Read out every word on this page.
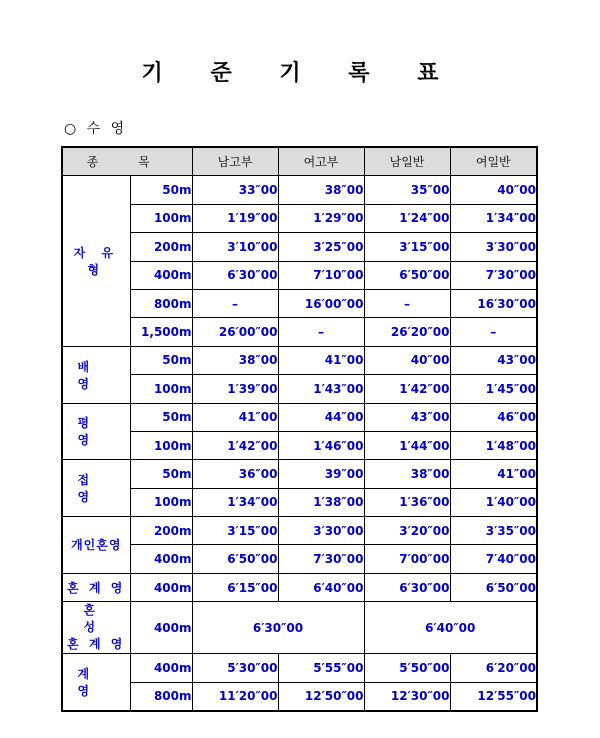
기 준 기 록 표
○ 수 영
종 목		남고부	여고부	남일반	여일반
자 유 형	50m	33″00	38″00	35″00	40″00
	100m	1′19″00	1′29″00	1′24″00	1′34″00
	200m	3′10″00	3′25″00	3′15″00	3′30″00
	400m	6′30″00	7′10″00	6′50″00	7′30″00
	800m	–	16′00″00	–	16′30″00
	1,500m	26′00″00	–	26′20″00	–
배 영	50m	38″00	41″00	40″00	43″00
	100m	1′39″00	1′43″00	1′42″00	1′45″00
평 영	50m	41″00	44″00	43″00	46″00
	100m	1′42″00	1′46″00	1′44″00	1′48″00
접 영	50m	36″00	39″00	38″00	41″00
	100m	1′34″00	1′38″00	1′36″00	1′40″00
개인혼영	200m	3′15″00	3′30″00	3′20″00	3′35″00
	400m	6′50″00	7′30″00	7′00″00	7′40″00
혼 계 영	400m	6′15″00	6′40″00	6′30″00	6′50″00

혼 성
혼 계 영	400m	6′30″00		6′40″00	
계 영	400m	5′30″00	5′55″00	5′50″00	6′20″00
	800m	11′20″00	12′50″00	12′30″00	12′55″00
